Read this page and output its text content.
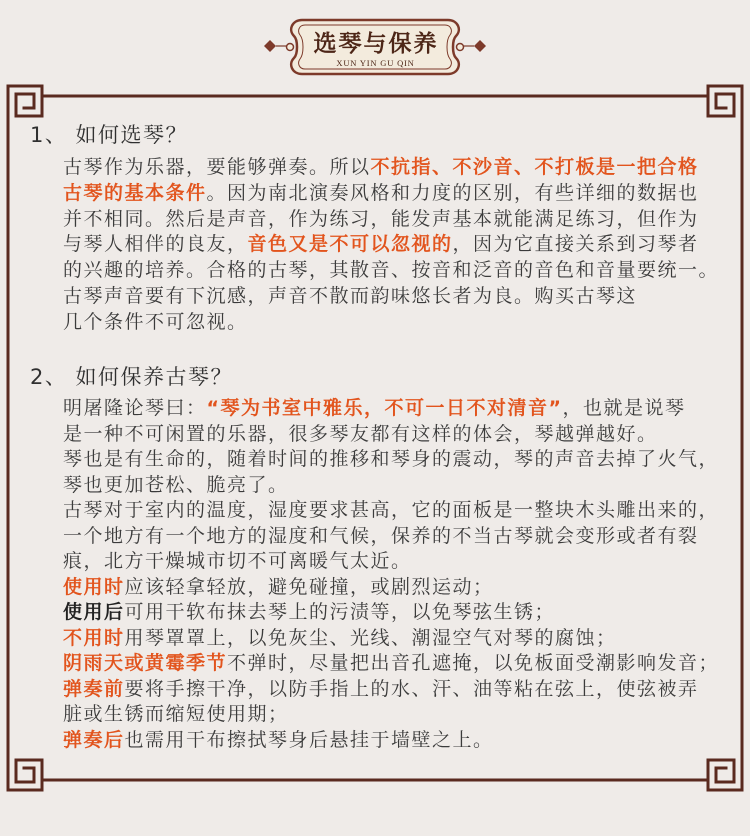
选琴与保养
XUN YIN GU QIN
1、 如何选琴？
古琴作为乐器，要能够弹奏。所以 不抗指、不沙音、不打板是一把合格
古琴的基本条件 。因为南北演奏风格和力度的区别，有些详细的数据也
并不相同。然后是声音，作为练习，能发声基本就能满足练习，但作为
与琴人相伴的良友， 音色又是不可以忽视的 ，因为它直接关系到习琴者
的兴趣的培养。合格的古琴，其散音、按音和泛音的音色和音量要统一。
古琴声音要有下沉感，声音不散而韵味悠长者为良。购买古琴这
几个条件不可忽视。
2、 如何保养古琴？
明屠隆论琴曰： “琴为书室中雅乐，不可一日不对清音” ，也就是说琴
是一种不可闲置的乐器，很多琴友都有这样的体会，琴越弹越好。
琴也是有生命的，随着时间的推移和琴身的震动，琴的声音去掉了火气，
琴也更加苍松、脆亮了。
古琴对于室内的温度，湿度要求甚高，它的面板是一整块木头雕出来的，
一个地方有一个地方的湿度和气候，保养的不当古琴就会变形或者有裂
痕，北方干燥城市切不可离暖气太近。
使用时 应该轻拿轻放，避免碰撞，或剧烈运动；
使用后 可用干软布抹去琴上的污渍等，以免琴弦生锈；
不用时 用琴罩罩上，以免灰尘、光线、潮湿空气对琴的腐蚀；
阴雨天或黄霉季节 不弹时，尽量把出音孔遮掩，以免板面受潮影响发音；
弹奏前 要将手擦干净，以防手指上的水、汗、油等粘在弦上，使弦被弄
脏或生锈而缩短使用期；
弹奏后 也需用干布擦拭琴身后悬挂于墙壁之上。
